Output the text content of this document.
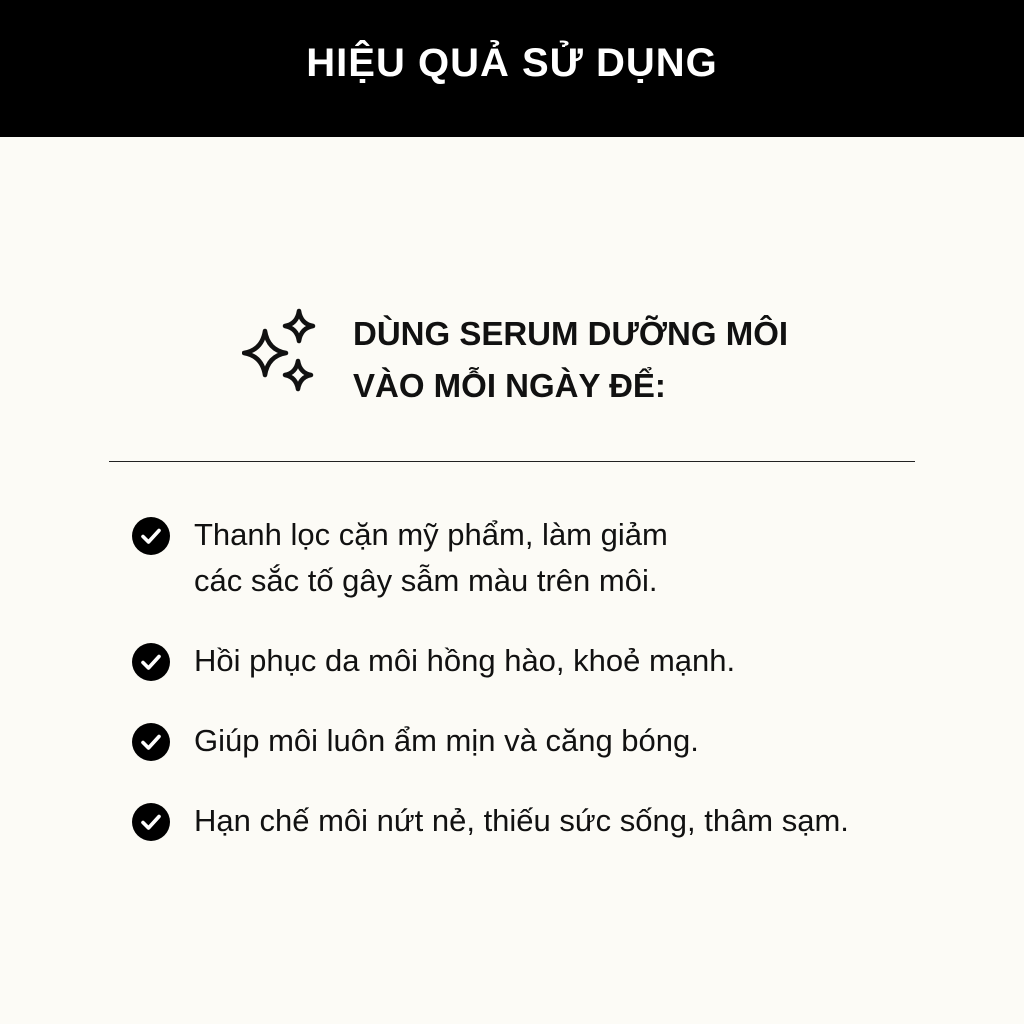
HIỆU QUẢ SỬ DỤNG
DÙNG SERUM DƯỠNG MÔI
VÀO MỖI NGÀY ĐỂ:
Thanh lọc cặn mỹ phẩm, làm giảm
các sắc tố gây sẫm màu trên môi.
Hồi phục da môi hồng hào, khoẻ mạnh.
Giúp môi luôn ẩm mịn và căng bóng.
Hạn chế môi nứt nẻ, thiếu sức sống, thâm sạm.
